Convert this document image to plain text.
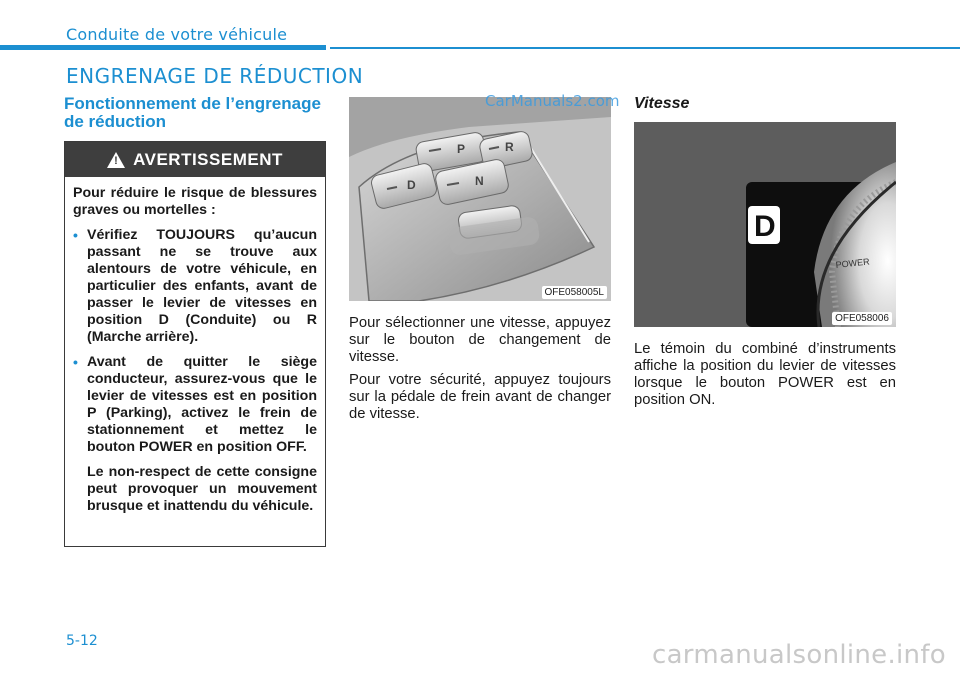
Conduite de votre véhicule
ENGRENAGE DE RÉDUCTION
Fonctionnement de l’engrenage de réduction
!
AVERTISSEMENT

Pour réduire le risque de blessures graves ou mortelles :

• Vérifiez TOUJOURS qu’aucun passant ne se trouve aux alentours de votre véhicule, en particulier des enfants, avant de passer le levier de vitesses en position D (Conduite) ou R (Marche arrière).
• Avant de quitter le siège conducteur, assurez-vous que le levier de vitesses est en position P (Parking), activez le frein de stationnement et mettez le bouton POWER en position OFF.
Le non-respect de cette consigne peut provoquer un mouvement brusque et inattendu du véhicule.
P	R
D	N
OFE058005L
CarManuals2.com

Pour sélectionner une vitesse, appuyez sur le bouton de changement de vitesse.

Pour votre sécurité, appuyez toujours sur la pédale de frein avant de changer de vitesse.

Vitesse
D
POWER
OFE058006

Le témoin du combiné d’instruments affiche la position du levier de vitesses lorsque le bouton POWER est en position ON.

5-12	carmanualsonline.info
